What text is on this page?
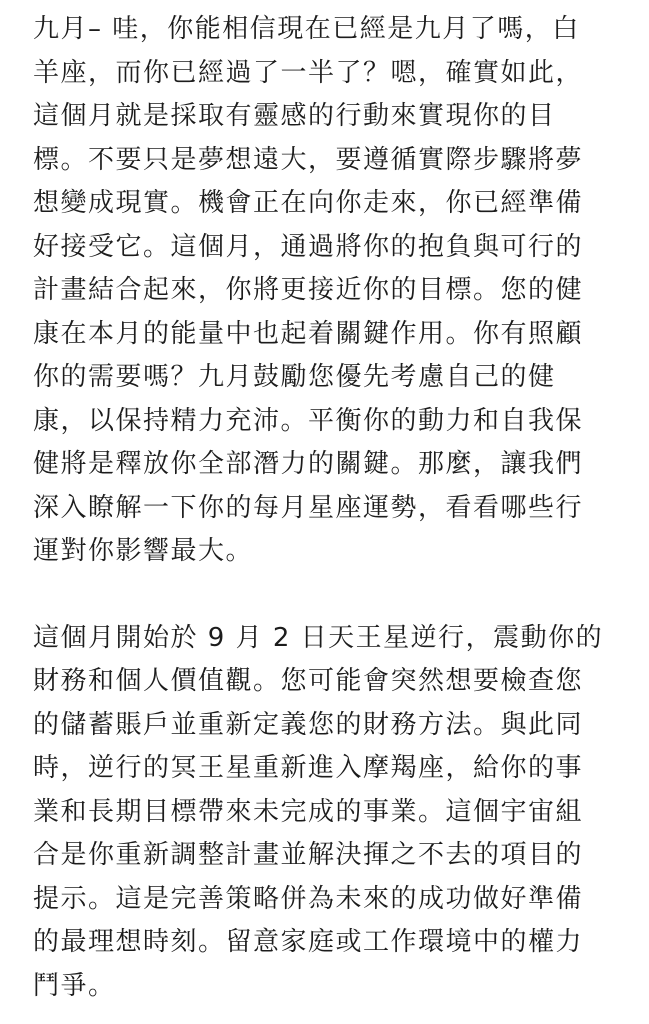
九月– 哇，你能相信現在已經是九月了嗎，白
羊座，而你已經過了一半了？嗯，確實如此，
這個月就是採取有靈感的行動來實現你的目
標。不要只是夢想遠大，要遵循實際步驟將夢
想變成現實。機會正在向你走來，你已經準備
好接受它。這個月，通過將你的抱負與可行的
計畫結合起來，你將更接近你的目標。您的健
康在本月的能量中也起着關鍵作用。你有照顧
你的需要嗎？九月鼓勵您優先考慮自己的健
康，以保持精力充沛。平衡你的動力和自我保
健將是釋放你全部潛力的關鍵。那麼，讓我們
深入瞭解一下你的每月星座運勢，看看哪些行
運對你影響最大。
這個月開始於 9 月 2 日天王星逆行，震動你的
財務和個人價值觀。您可能會突然想要檢查您
的儲蓄賬戶並重新定義您的財務方法。與此同
時，逆行的冥王星重新進入摩羯座，給你的事
業和長期目標帶來未完成的事業。這個宇宙組
合是你重新調整計畫並解決揮之不去的項目的
提示。這是完善策略併為未來的成功做好準備
的最理想時刻。留意家庭或工作環境中的權力
鬥爭。
